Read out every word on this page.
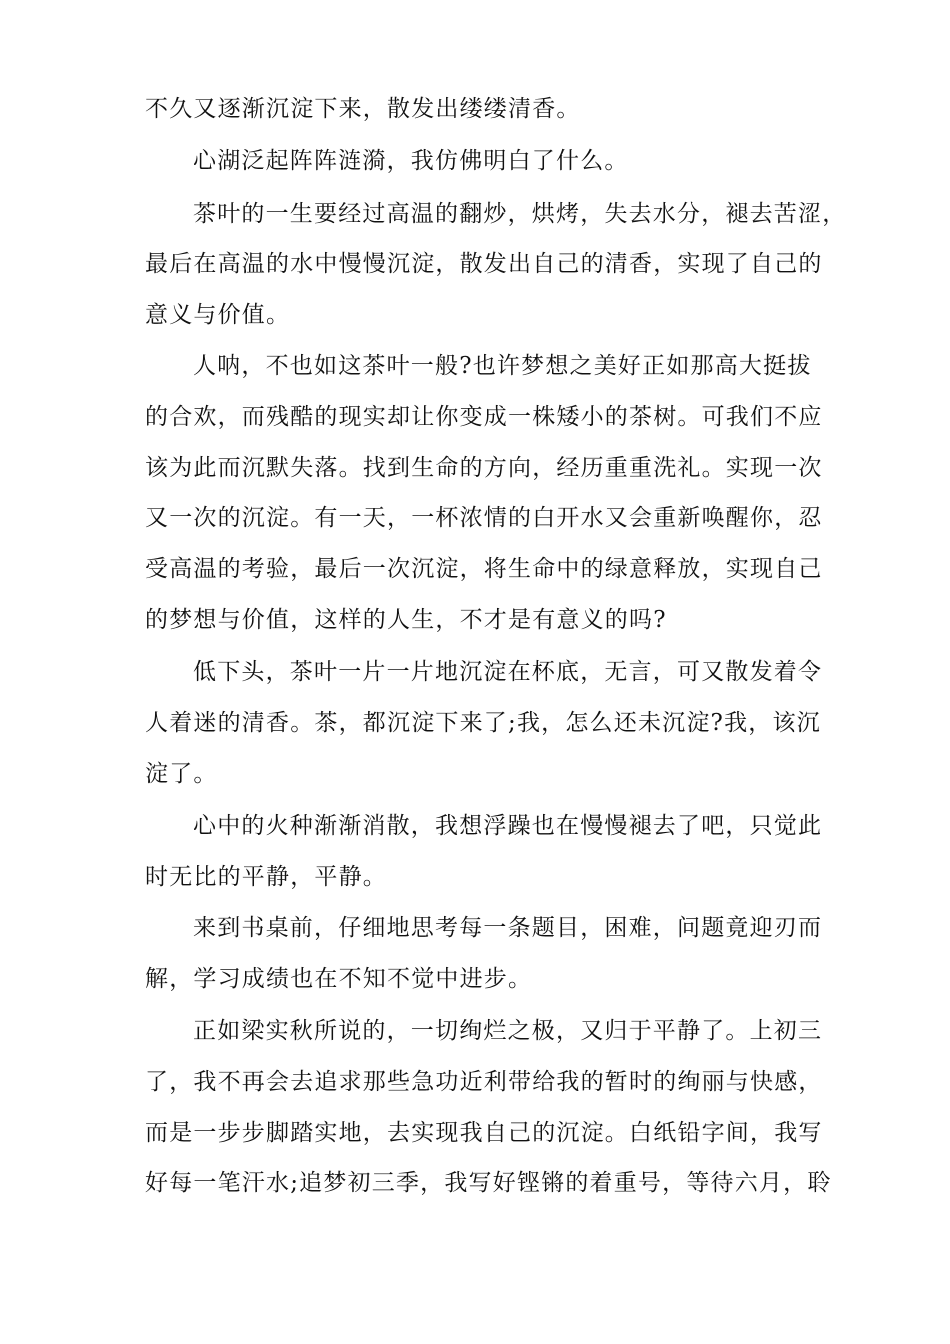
不久又逐渐沉淀下来，散发出缕缕清香。
心湖泛起阵阵涟漪，我仿佛明白了什么。
茶叶的一生要经过高温的翻炒，烘烤，失去水分，褪去苦涩，
最后在高温的水中慢慢沉淀，散发出自己的清香，实现了自己的
意义与价值。
人呐，不也如这茶叶一般?也许梦想之美好正如那高大挺拔
的合欢，而残酷的现实却让你变成一株矮小的茶树。可我们不应
该为此而沉默失落。找到生命的方向，经历重重洗礼。实现一次
又一次的沉淀。有一天，一杯浓情的白开水又会重新唤醒你，忍
受高温的考验，最后一次沉淀，将生命中的绿意释放，实现自己
的梦想与价值，这样的人生，不才是有意义的吗?
低下头，茶叶一片一片地沉淀在杯底，无言，可又散发着令
人着迷的清香。茶，都沉淀下来了;我，怎么还未沉淀?我，该沉
淀了。
心中的火种渐渐消散，我想浮躁也在慢慢褪去了吧，只觉此
时无比的平静，平静。
来到书桌前，仔细地思考每一条题目，困难，问题竟迎刃而
解，学习成绩也在不知不觉中进步。
正如梁实秋所说的，一切绚烂之极，又归于平静了。上初三
了，我不再会去追求那些急功近利带给我的暂时的绚丽与快感，
而是一步步脚踏实地，去实现我自己的沉淀。白纸铅字间，我写
好每一笔汗水;追梦初三季，我写好铿锵的着重号，等待六月，聆
